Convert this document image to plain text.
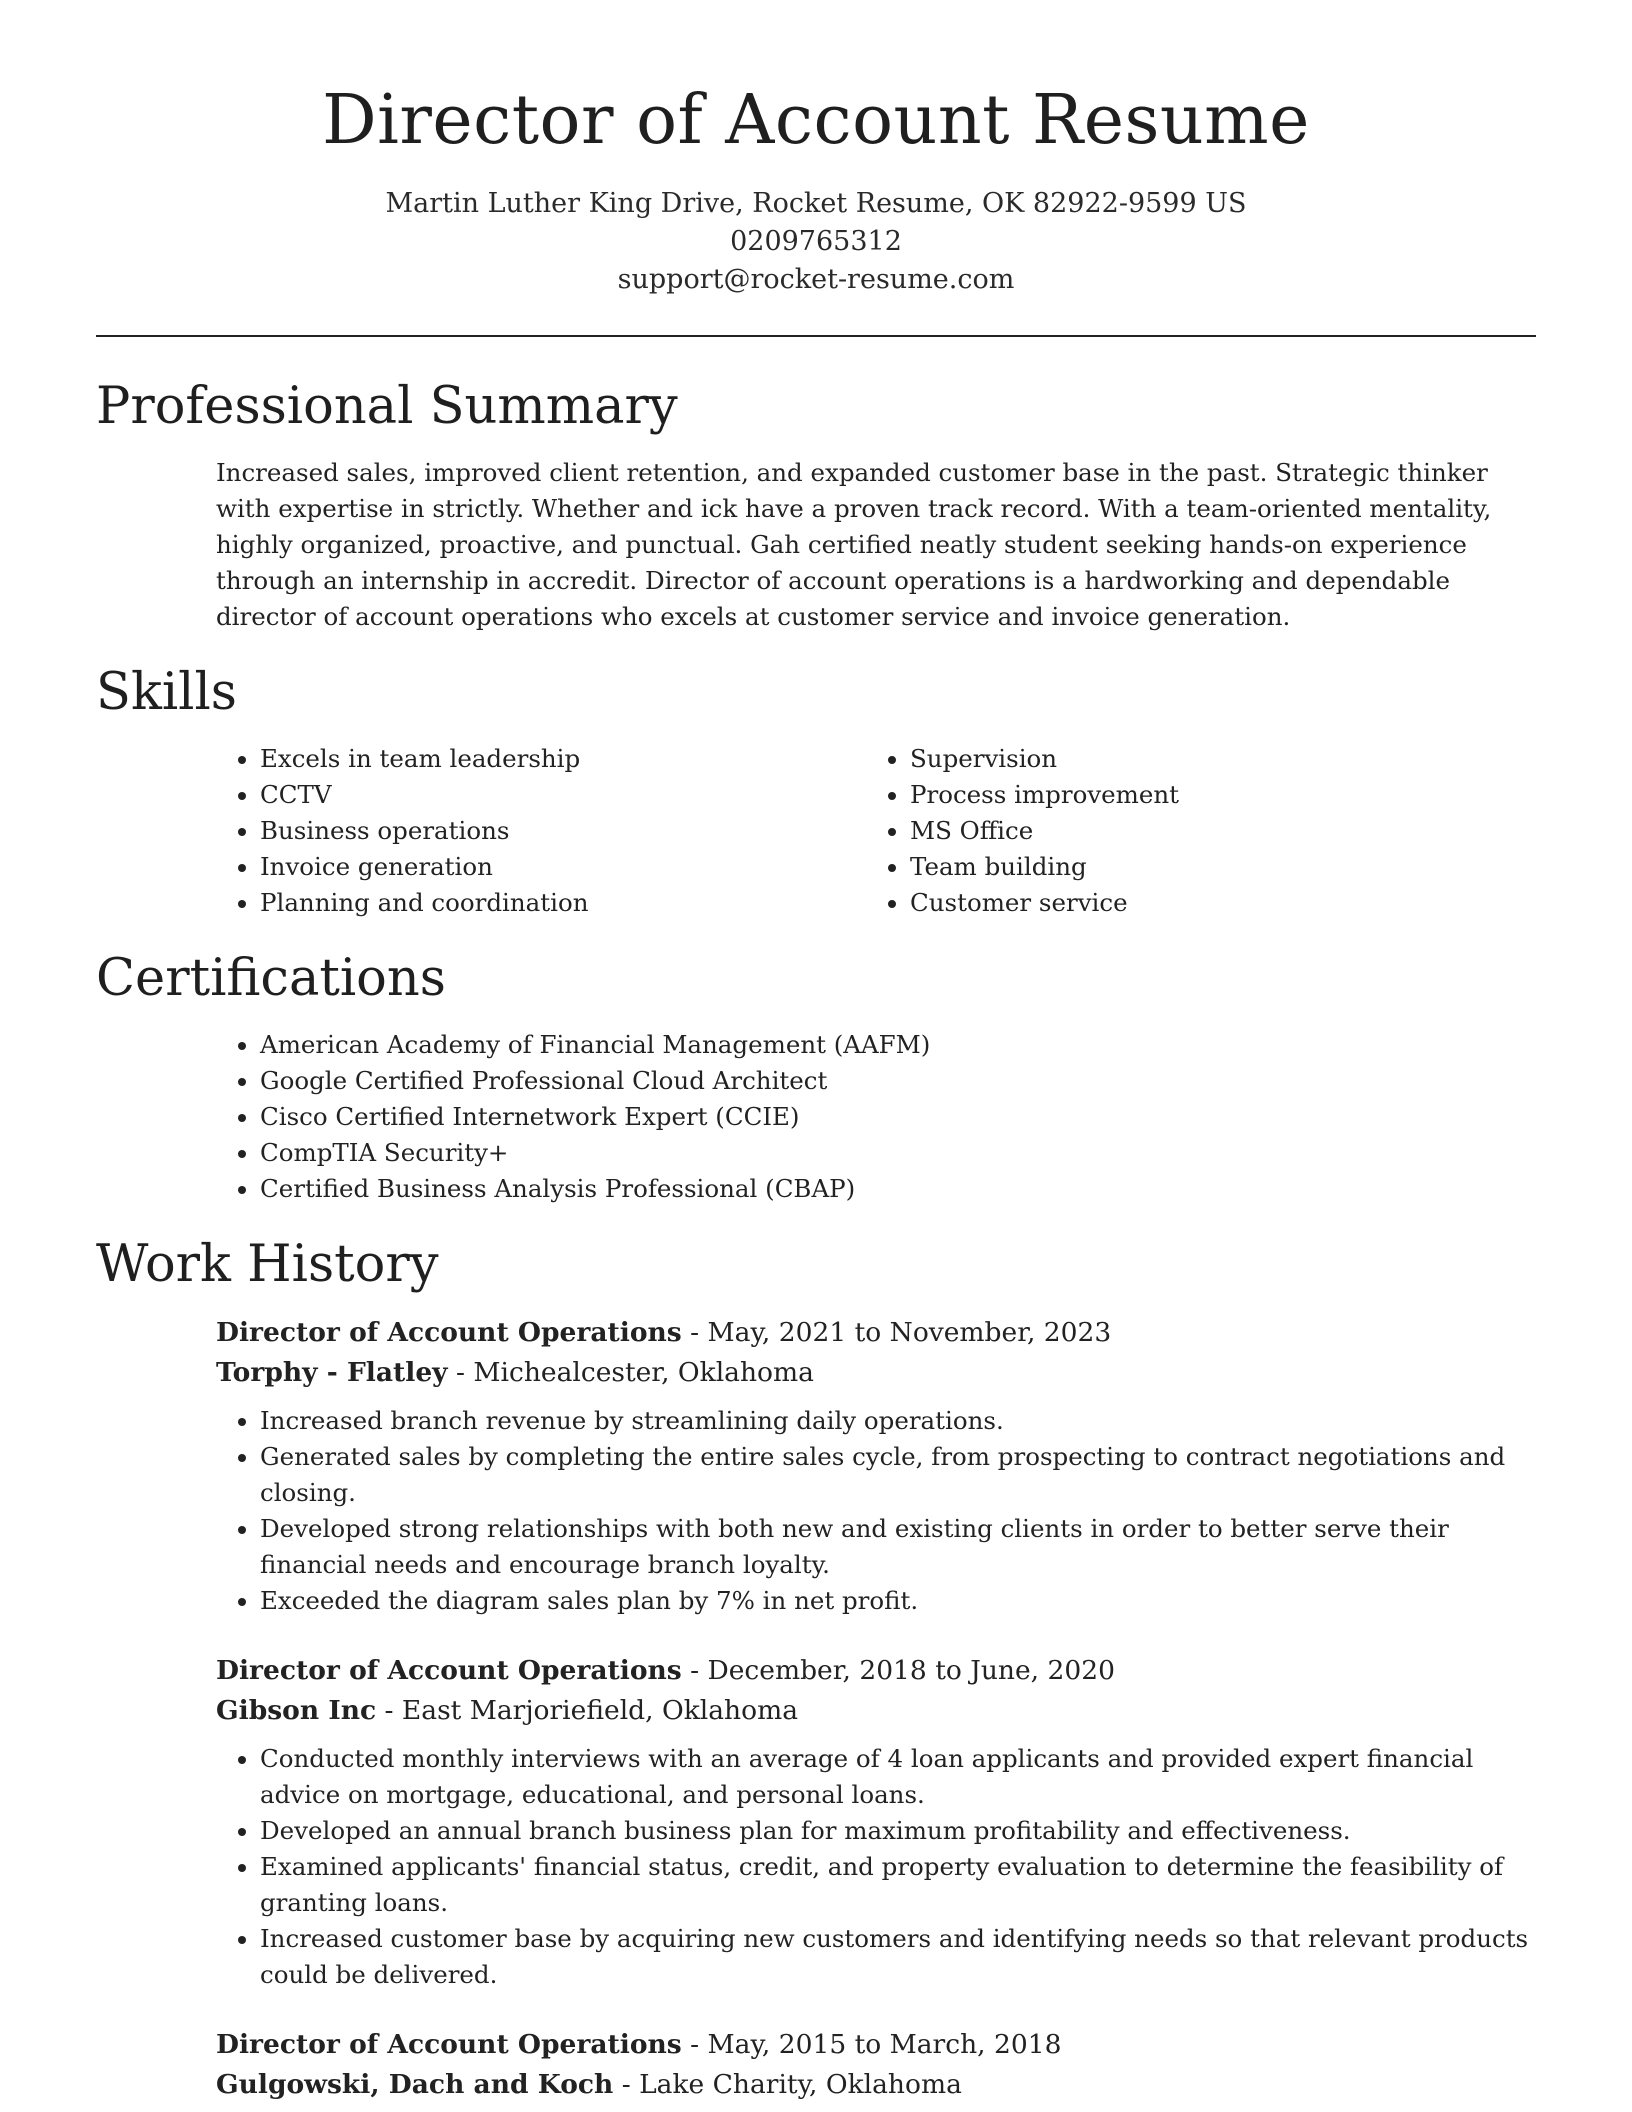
Director of Account Resume
Martin Luther King Drive, Rocket Resume, OK 82922-9599 US
0209765312
support@rocket-resume.com
Professional Summary

Increased sales, improved client retention, and expanded customer base in the past. Strategic thinker with expertise in strictly. Whether and ick have a proven track record. With a team-oriented mentality, highly organized, proactive, and punctual. Gah certified neatly student seeking hands-on experience through an internship in accredit. Director of account operations is a hardworking and dependable director of account operations who excels at customer service and invoice generation.

Skills
• Excels in team leadership
• CCTV
• Business operations
• Invoice generation
• Planning and coordination
• Supervision
• Process improvement
• MS Office
• Team building
• Customer service
Certifications
• American Academy of Financial Management (AAFM)
• Google Certified Professional Cloud Architect
• Cisco Certified Internetwork Expert (CCIE)
• CompTIA Security+
• Certified Business Analysis Professional (CBAP)
Work History
Director of Account Operations - May, 2021 to November, 2023
Torphy - Flatley - Michealcester, Oklahoma
• Increased branch revenue by streamlining daily operations.
• Generated sales by completing the entire sales cycle, from prospecting to contract negotiations and closing.
• Developed strong relationships with both new and existing clients in order to better serve their financial needs and encourage branch loyalty.
• Exceeded the diagram sales plan by 7% in net profit.
Director of Account Operations - December, 2018 to June, 2020
Gibson Inc - East Marjoriefield, Oklahoma
• Conducted monthly interviews with an average of 4 loan applicants and provided expert financial advice on mortgage, educational, and personal loans.
• Developed an annual branch business plan for maximum profitability and effectiveness.
• Examined applicants' financial status, credit, and property evaluation to determine the feasibility of granting loans.
• Increased customer base by acquiring new customers and identifying needs so that relevant products could be delivered.
Director of Account Operations - May, 2015 to March, 2018
Gulgowski, Dach and Koch - Lake Charity, Oklahoma
